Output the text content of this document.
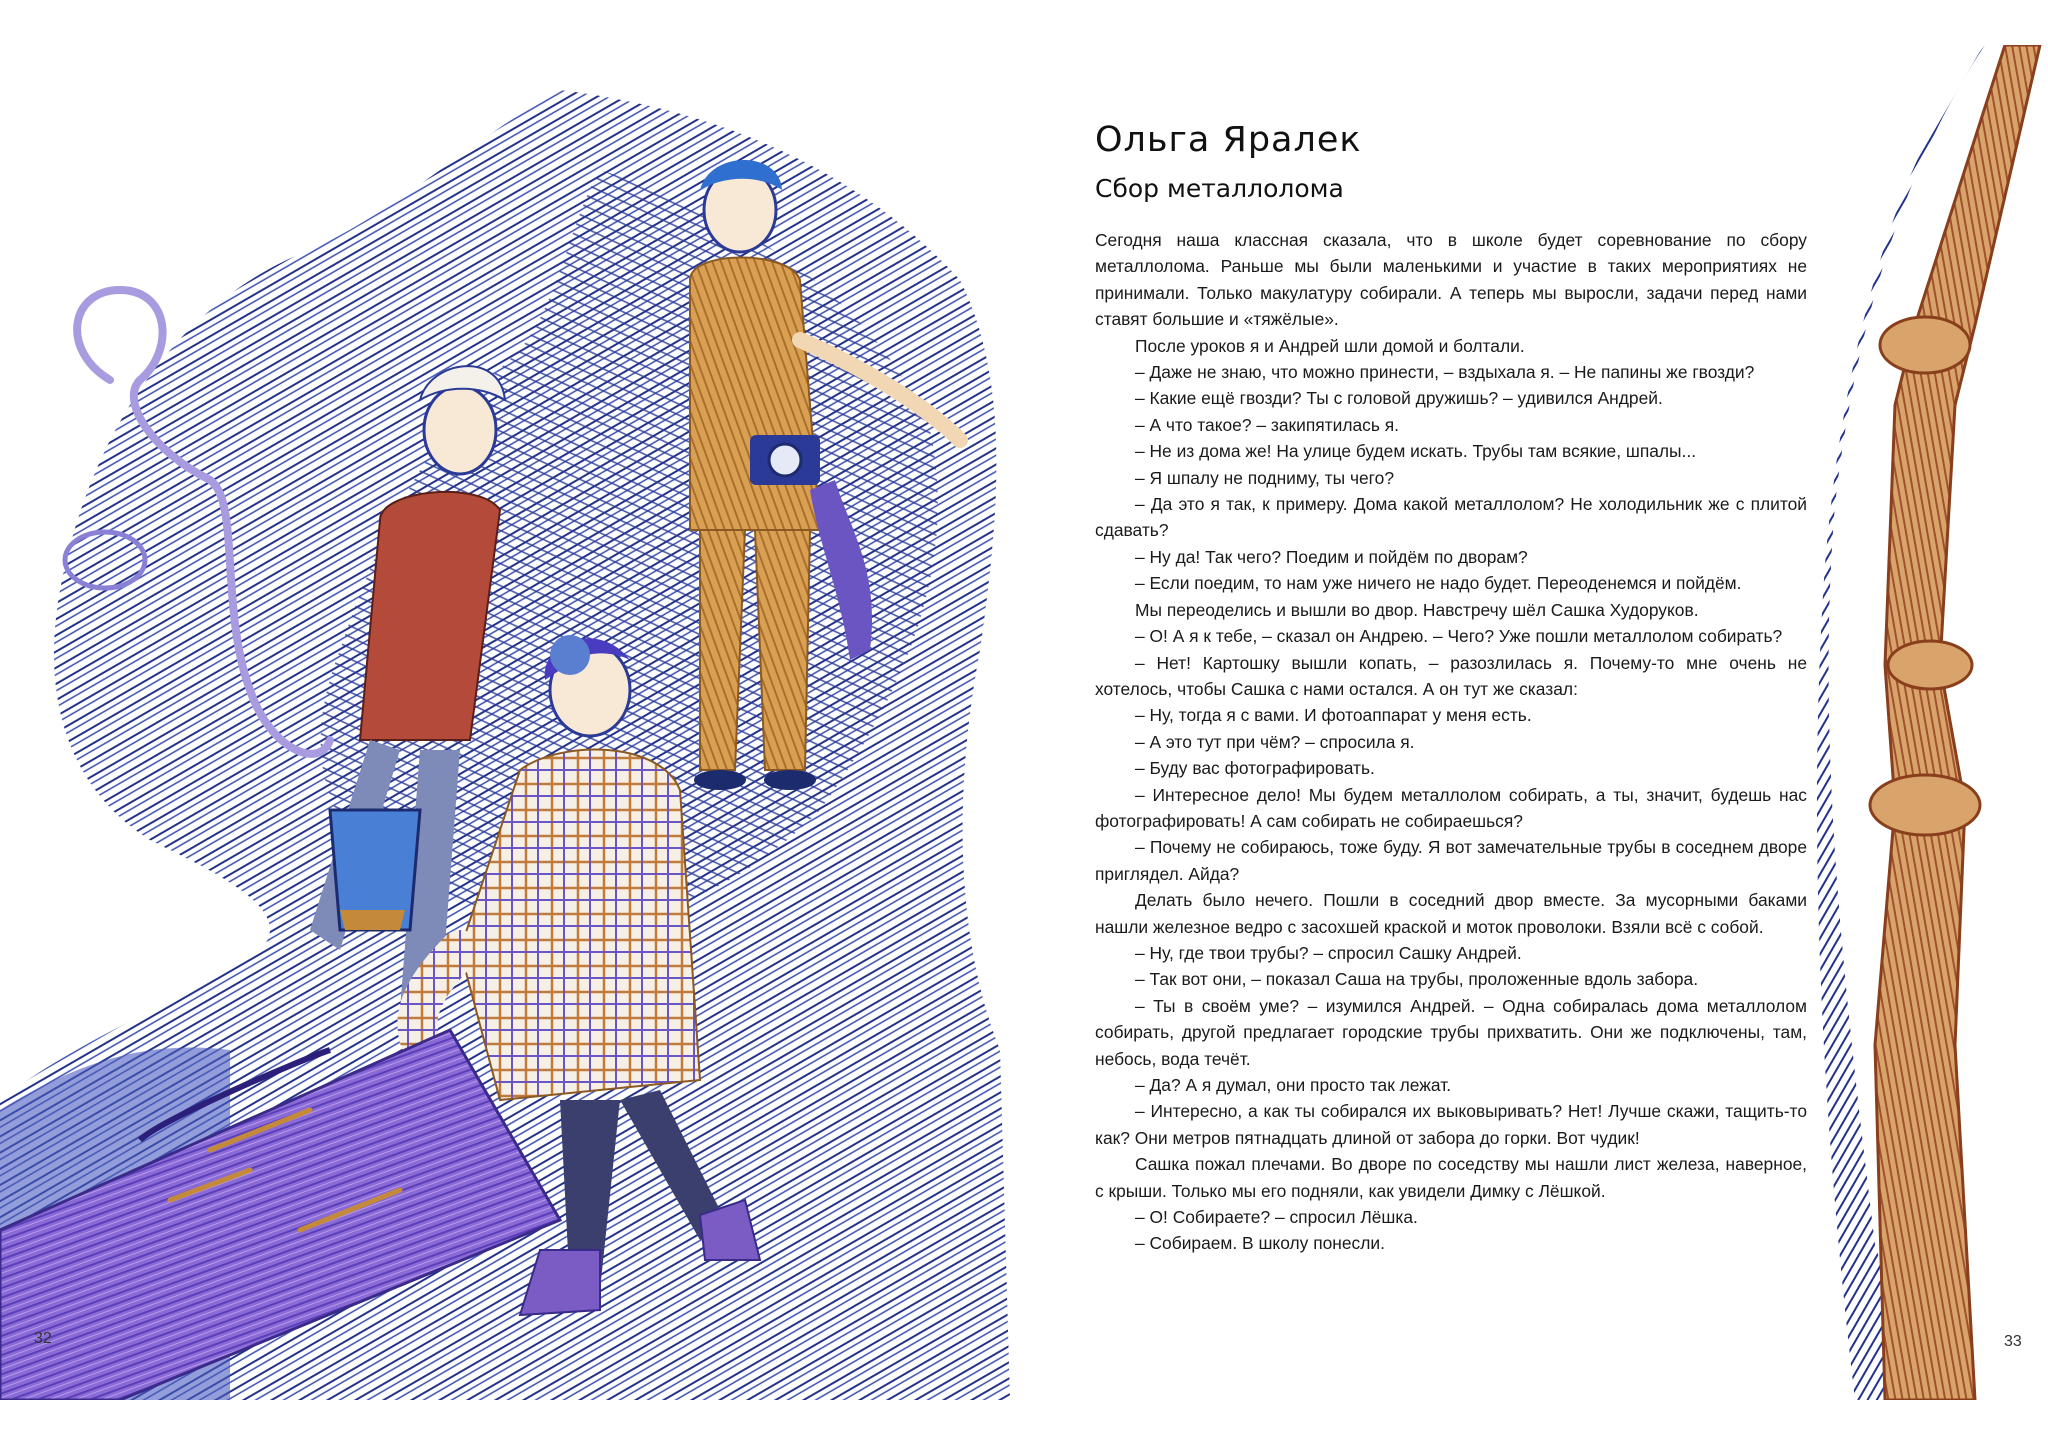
32
Ольга Яралек
Сбор металлолома

Сегодня наша классная сказала, что в школе будет соревнование по сбору металлолома. Раньше мы были маленькими и участие в таких мероприятиях не принимали. Только макулатуру собирали. А теперь мы выросли, задачи перед нами ставят большие и «тяжёлые».

После уроков я и Андрей шли домой и болтали.

– Даже не знаю, что можно принести, – вздыхала я. – Не папины же гвозди?

– Какие ещё гвозди? Ты с головой дружишь? – удивился Андрей.

– А что такое? – закипятилась я.

– Не из дома же! На улице будем искать. Трубы там всякие, шпалы...

– Я шпалу не подниму, ты чего?

– Да это я так, к примеру. Дома какой металлолом? Не холодильник же с плитой сдавать?

– Ну да! Так чего? Поедим и пойдём по дворам?

– Если поедим, то нам уже ничего не надо будет. Переоденемся и пойдём.

Мы переоделись и вышли во двор. Навстречу шёл Сашка Худоруков.

– О! А я к тебе, – сказал он Андрею. – Чего? Уже пошли металлолом собирать?

– Нет! Картошку вышли копать, – разозлилась я. Почему-то мне очень не хотелось, чтобы Сашка с нами остался. А он тут же сказал:

– Ну, тогда я с вами. И фотоаппарат у меня есть.

– А это тут при чём? – спросила я.

– Буду вас фотографировать.

– Интересное дело! Мы будем металлолом собирать, а ты, значит, будешь нас фотографировать! А сам собирать не собираешься?

– Почему не собираюсь, тоже буду. Я вот замечательные трубы в соседнем дворе приглядел. Айда?

Делать было нечего. Пошли в соседний двор вместе. За мусорными баками нашли железное ведро с засохшей краской и моток проволоки. Взяли всё с собой.

– Ну, где твои трубы? – спросил Сашку Андрей.

– Так вот они, – показал Саша на трубы, проложенные вдоль забора.

– Ты в своём уме? – изумился Андрей. – Одна собиралась дома металлолом собирать, другой предлагает городские трубы прихватить. Они же подключены, там, небось, вода течёт.

– Да? А я думал, они просто так лежат.

– Интересно, а как ты собирался их выковыривать? Нет! Лучше скажи, тащить-то как? Они метров пятнадцать длиной от забора до горки. Вот чудик!

Сашка пожал плечами. Во дворе по соседству мы нашли лист железа, наверное, с крыши. Только мы его подняли, как увидели Димку с Лёшкой.

– О! Собираете? – спросил Лёшка.

– Собираем. В школу понесли.

33
